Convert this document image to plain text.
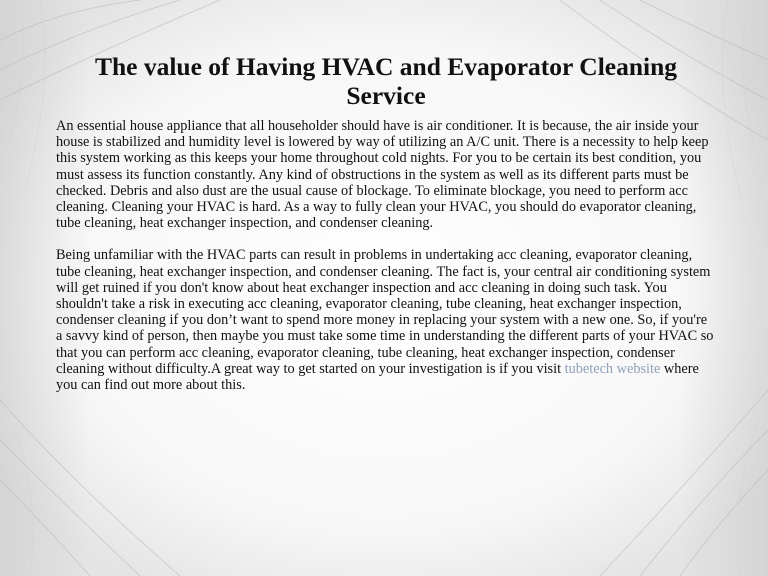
The value of Having HVAC and Evaporator Cleaning Service

An essential house appliance that all householder should have is air conditioner. It is because, the air inside your house is stabilized and humidity level is lowered by way of utilizing an A/C unit. There is a necessity to help keep this system working as this keeps your home throughout cold nights. For you to be certain its best condition, you must assess its function constantly. Any kind of obstructions in the system as well as its different parts must be checked. Debris and also dust are the usual cause of blockage. To eliminate blockage, you need to perform acc cleaning. Cleaning your HVAC is hard. As a way to fully clean your HVAC, you should do evaporator cleaning, tube cleaning, heat exchanger inspection, and condenser cleaning.

Being unfamiliar with the HVAC parts can result in problems in undertaking acc cleaning, evaporator cleaning, tube cleaning, heat exchanger inspection, and condenser cleaning. The fact is, your central air conditioning system will get ruined if you don't know about heat exchanger inspection and acc cleaning in doing such task. You shouldn't take a risk in executing acc cleaning, evaporator cleaning, tube cleaning, heat exchanger inspection, condenser cleaning if you don’t want to spend more money in replacing your system with a new one. So, if you're a savvy kind of person, then maybe you must take some time in understanding the different parts of your HVAC so that you can perform acc cleaning, evaporator cleaning, tube cleaning, heat exchanger inspection, condenser cleaning without difficulty.A great way to get started on your investigation is if you visit tubetech website where you can find out more about this.
